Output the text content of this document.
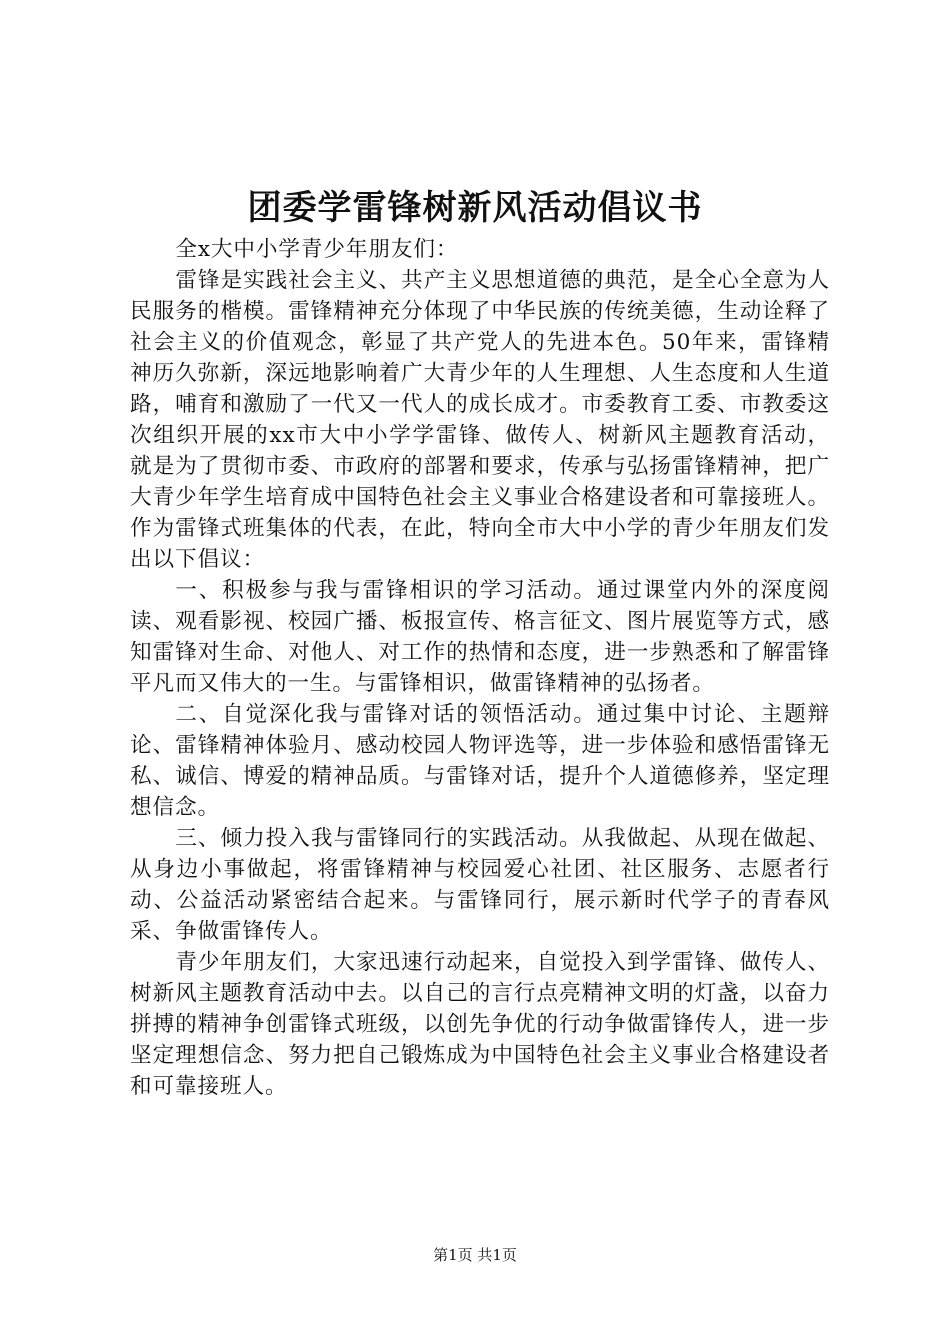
团委学雷锋树新风活动倡议书

全x大中小学青少年朋友们：

雷锋是实践社会主义、共产主义思想道德的典范，是全心全意为人民服务的楷模。雷锋精神充分体现了中华民族的传统美德，生动诠释了社会主义的价值观念，彰显了共产党人的先进本色。50年来，雷锋精神历久弥新，深远地影响着广大青少年的人生理想、人生态度和人生道路，哺育和激励了一代又一代人的成长成才。市委教育工委、市教委这次组织开展的xx市大中小学学雷锋、做传人、树新风主题教育活动，就是为了贯彻市委、市政府的部署和要求，传承与弘扬雷锋精神，把广大青少年学生培育成中国特色社会主义事业合格建设者和可靠接班人。作为雷锋式班集体的代表，在此，特向全市大中小学的青少年朋友们发出以下倡议：

一、积极参与我与雷锋相识的学习活动。通过课堂内外的深度阅读、观看影视、校园广播、板报宣传、格言征文、图片展览等方式，感知雷锋对生命、对他人、对工作的热情和态度，进一步熟悉和了解雷锋平凡而又伟大的一生。与雷锋相识，做雷锋精神的弘扬者。

二、自觉深化我与雷锋对话的领悟活动。通过集中讨论、主题辩论、雷锋精神体验月、感动校园人物评选等，进一步体验和感悟雷锋无私、诚信、博爱的精神品质。与雷锋对话，提升个人道德修养，坚定理想信念。

三、倾力投入我与雷锋同行的实践活动。从我做起、从现在做起、从身边小事做起，将雷锋精神与校园爱心社团、社区服务、志愿者行动、公益活动紧密结合起来。与雷锋同行，展示新时代学子的青春风采、争做雷锋传人。

青少年朋友们，大家迅速行动起来，自觉投入到学雷锋、做传人、树新风主题教育活动中去。以自己的言行点亮精神文明的灯盏，以奋力拼搏的精神争创雷锋式班级，以创先争优的行动争做雷锋传人，进一步坚定理想信念、努力把自己锻炼成为中国特色社会主义事业合格建设者和可靠接班人。

第1页 共1页
